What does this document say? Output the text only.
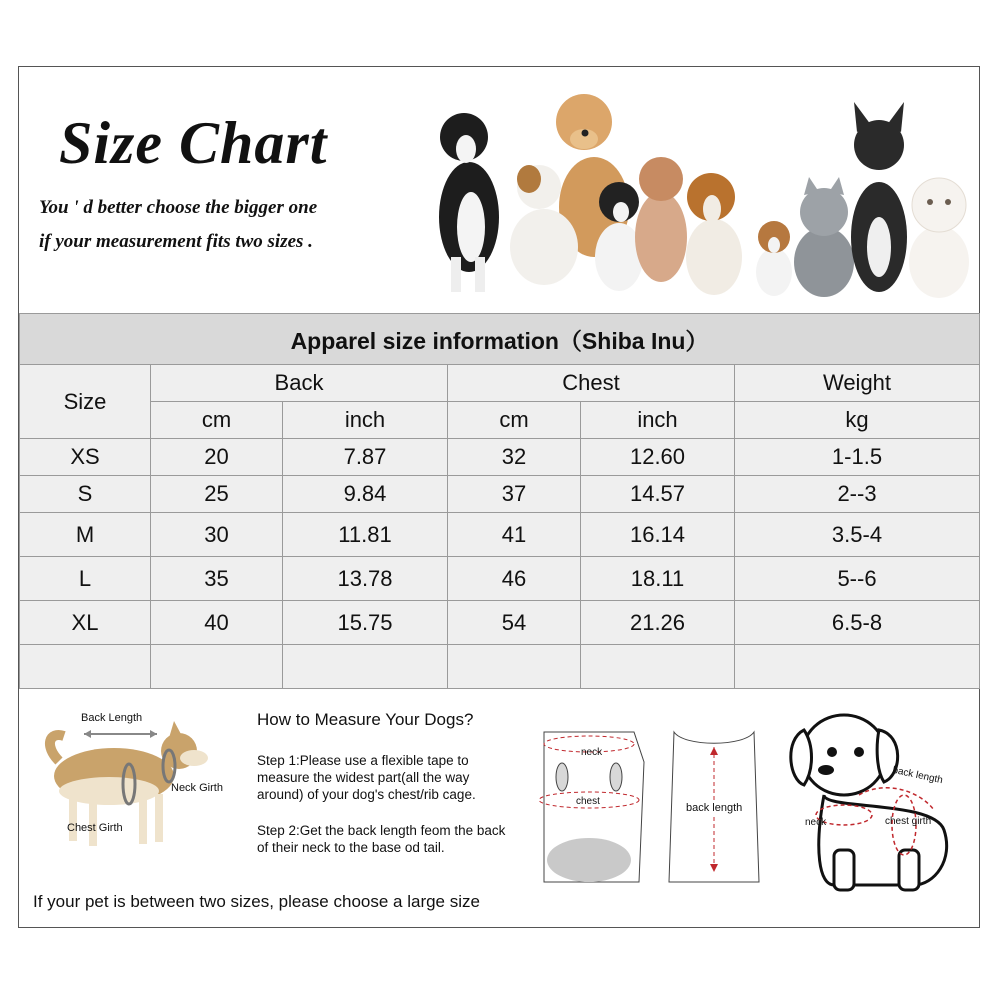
Size Chart
You ' d better choose the bigger one
if your measurement fits two sizes .
Apparel size information（Shiba Inu）					
Size	Back		Chest		Weight
	cm	inch	cm	inch	kg
XS	20	7.87	32	12.60	1-1.5
S	25	9.84	37	14.57	2--3
M	30	11.81	41	16.14	3.5-4
L	35	13.78	46	18.11	5--6
XL	40	15.75	54	21.26	6.5-8

Back Length
Neck Girth
Chest Girth
How to Measure Your Dogs?
Step 1:Please use a flexible tape to measure the widest part(all the way around) of your dog's chest/rib cage.
Step 2:Get the back length feom the back of their neck to the base od tail.
neck
chest
back length
back length
neck	chest girth
If your pet is between two sizes, please choose a large size
